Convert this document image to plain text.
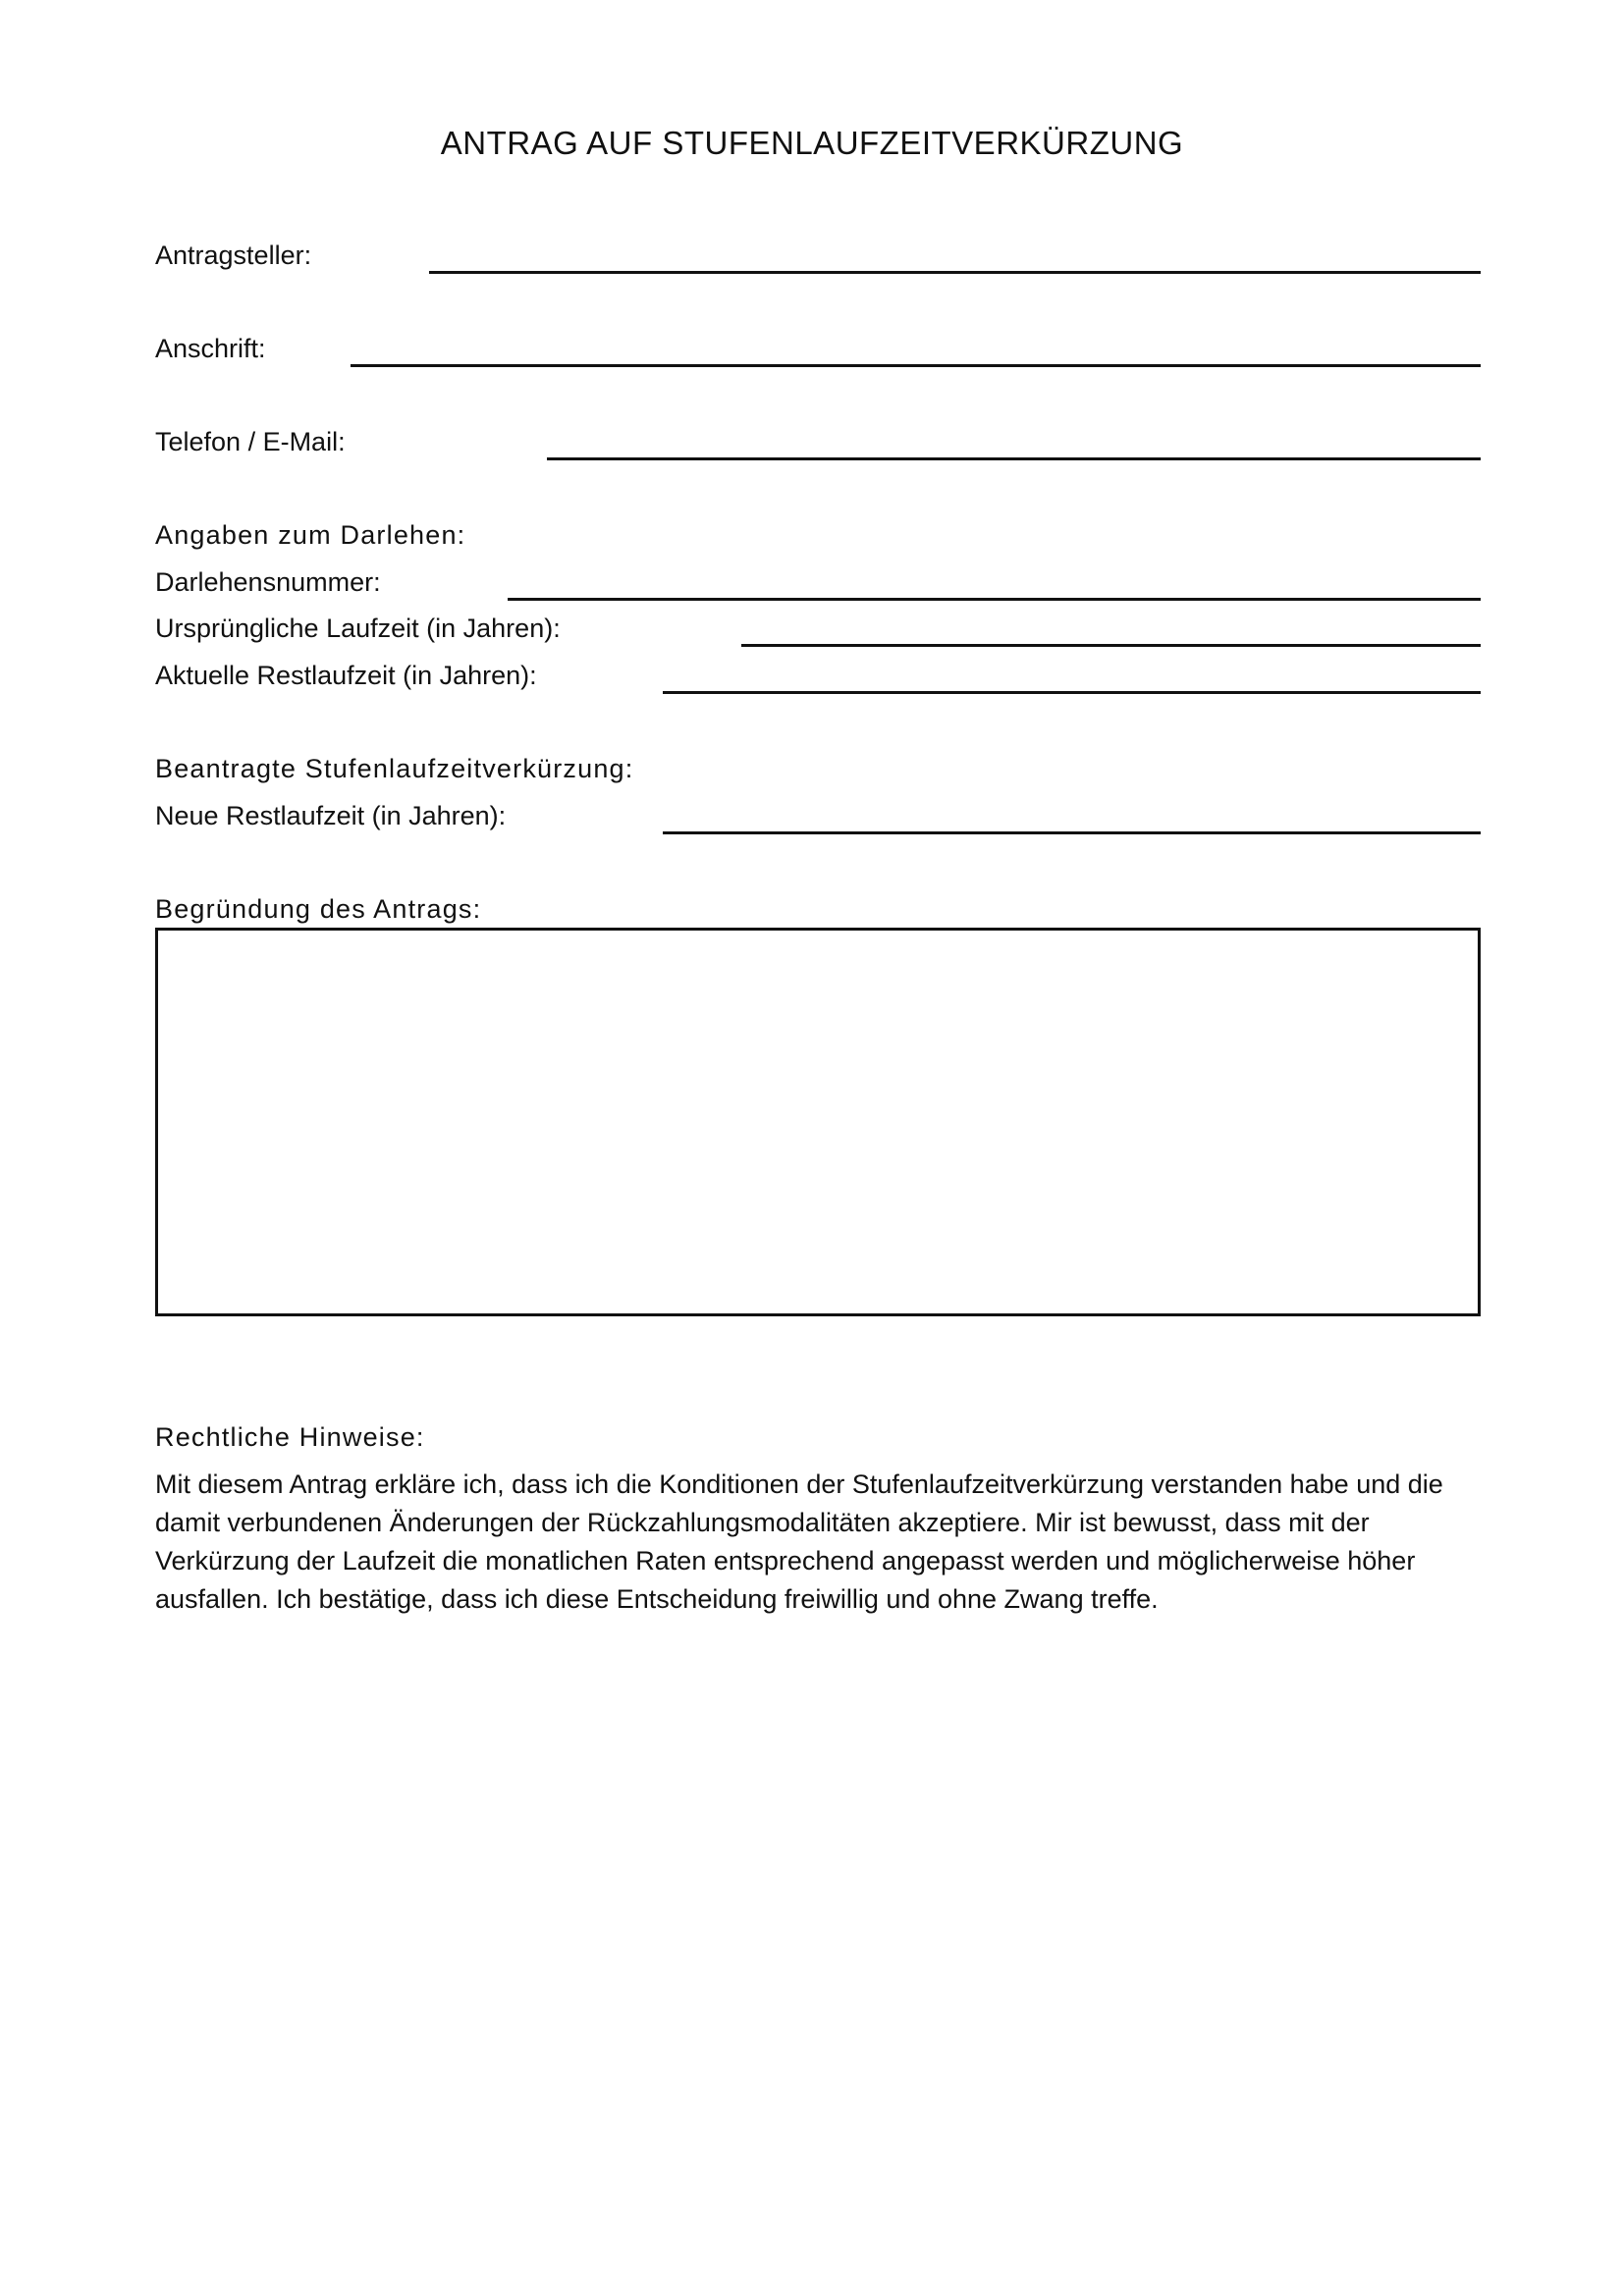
ANTRAG AUF STUFENLAUFZEITVERKÜRZUNG
Antragsteller:
Anschrift:
Telefon / E-Mail:
Angaben zum Darlehen:
Darlehensnummer:
Ursprüngliche Laufzeit (in Jahren):
Aktuelle Restlaufzeit (in Jahren):
Beantragte Stufenlaufzeitverkürzung:
Neue Restlaufzeit (in Jahren):
Begründung des Antrags:
Rechtliche Hinweise:

Mit diesem Antrag erkläre ich, dass ich die Konditionen der Stufenlaufzeitverkürzung verstanden habe und die damit verbundenen Änderungen der Rückzahlungsmodalitäten akzeptiere. Mir ist bewusst, dass mit der Verkürzung der Laufzeit die monatlichen Raten entsprechend angepasst werden und möglicherweise höher ausfallen. Ich bestätige, dass ich diese Entscheidung freiwillig und ohne Zwang treffe.
